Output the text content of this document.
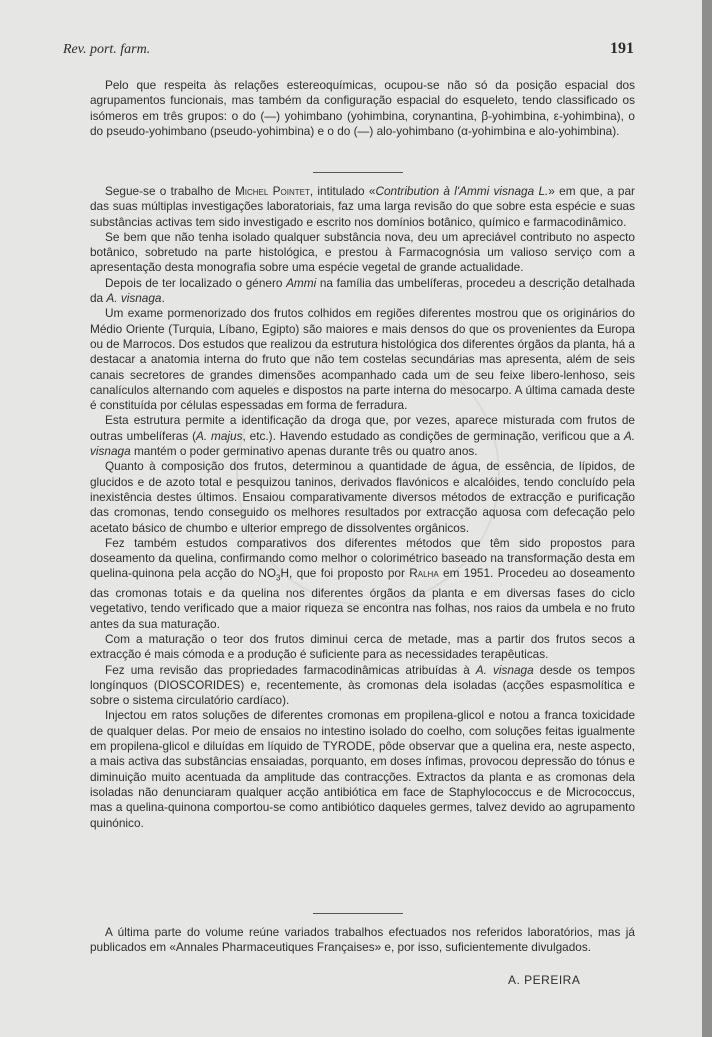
Rev. port. farm.	191

Pelo que respeita às relações estereoquímicas, ocupou-se não só da posição espacial dos agrupamentos funcionais, mas também da configuração espacial do esqueleto, tendo classificado os isómeros em três grupos: o do (—) yohimbano (yohimbina, corynantina, β-yohimbina, ε-yohimbina), o do pseudo-yohimbano (pseudo-yohimbina) e o do (—) alo-yohimbano (α-yohimbina e alo-yohimbina).

Segue-se o trabalho de Michel Pointet, intitulado «Contribution à l'Ammi visnaga L.» em que, a par das suas múltiplas investigações laboratoriais, faz uma larga revisão do que sobre esta espécie e suas substâncias activas tem sido investigado e escrito nos domínios botânico, químico e farmacodinâmico.

Se bem que não tenha isolado qualquer substância nova, deu um apreciável contributo no aspecto botânico, sobretudo na parte histológica, e prestou à Farmacognósia um valioso serviço com a apresentação desta monografia sobre uma espécie vegetal de grande actualidade.

Depois de ter localizado o género Ammi na família das umbelíferas, procedeu a descrição detalhada da A. visnaga.

Um exame pormenorizado dos frutos colhidos em regiões diferentes mostrou que os originários do Médio Oriente (Turquia, Líbano, Egipto) são maiores e mais densos do que os provenientes da Europa ou de Marrocos. Dos estudos que realizou da estrutura histológica dos diferentes órgãos da planta, há a destacar a anatomia interna do fruto que não tem costelas secundárias mas apresenta, além de seis canais secretores de grandes dimensões acompanhado cada um de seu feixe libero-lenhoso, seis canalículos alternando com aqueles e dispostos na parte interna do mesocarpo. A última camada deste é constituída por células espessadas em forma de ferradura.

Esta estrutura permite a identificação da droga que, por vezes, aparece misturada com frutos de outras umbelíferas (A. majus, etc.). Havendo estudado as condições de germinação, verificou que a A. visnaga mantém o poder germinativo apenas durante três ou quatro anos.

Quanto à composição dos frutos, determinou a quantidade de água, de essência, de lípidos, de glucidos e de azoto total e pesquizou taninos, derivados flavónicos e alcalóides, tendo concluído pela inexistência destes últimos. Ensaiou comparativamente diversos métodos de extracção e purificação das cromonas, tendo conseguido os melhores resultados por extracção aquosa com defecação pelo acetato básico de chumbo e ulterior emprego de dissolventes orgânicos.

Fez também estudos comparativos dos diferentes métodos que têm sido propostos para doseamento da quelina, confirmando como melhor o colorimétrico baseado na transformação desta em quelina-quinona pela acção do $NO_3H$, que foi proposto por Ralha em 1951. Procedeu ao doseamento das cromonas totais e da quelina nos diferentes órgãos da planta e em diversas fases do ciclo vegetativo, tendo verificado que a maior riqueza se encontra nas folhas, nos raios da umbela e no fruto antes da sua maturação.

Com a maturação o teor dos frutos diminui cerca de metade, mas a partir dos frutos secos a extracção é mais cómoda e a produção é suficiente para as necessidades terapêuticas.

Fez uma revisão das propriedades farmacodinâmicas atribuídas à A. visnaga desde os tempos longínquos (DIOSCORIDES) e, recentemente, às cromonas dela isoladas (acções espasmolítica e sobre o sistema circulatório cardíaco).

Injectou em ratos soluções de diferentes cromonas em propilena-glicol e notou a franca toxicidade de qualquer delas. Por meio de ensaios no intestino isolado do coelho, com soluções feitas igualmente em propilena-glicol e diluídas em líquido de TYRODE, pôde observar que a quelina era, neste aspecto, a mais activa das substâncias ensaiadas, porquanto, em doses ínfimas, provocou depressão do tónus e diminuição muito acentuada da amplitude das contracções. Extractos da planta e as cromonas dela isoladas não denunciaram qualquer acção antibiótica em face de Staphylococcus e de Micrococcus, mas a quelina-quinona comportou-se como antibiótico daqueles germes, talvez devido ao agrupamento quinónico.

A última parte do volume reúne variados trabalhos efectuados nos referidos laboratórios, mas já publicados em «Annales Pharmaceutiques Françaises» e, por isso, suficientemente divulgados.

A. PEREIRA
